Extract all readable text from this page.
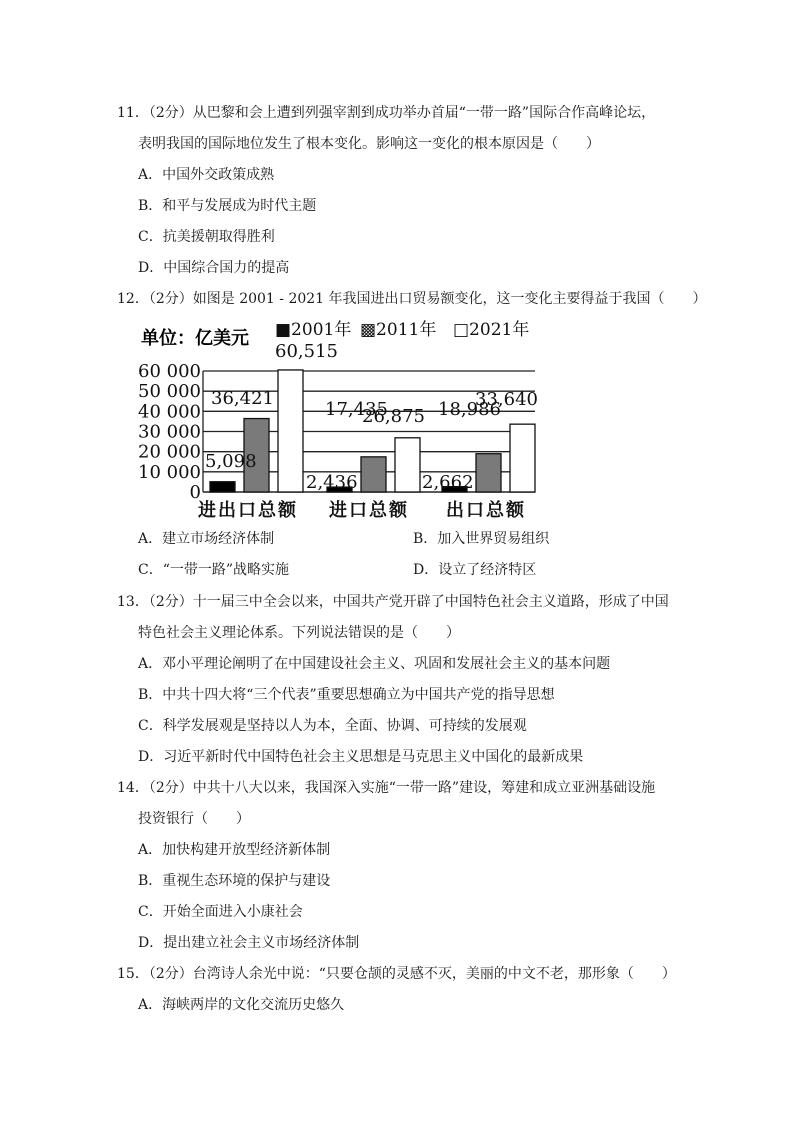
11．（2分）从巴黎和会上遭到列强宰割到成功举办首届“一带一路”国际合作高峰论坛，
表明我国的国际地位发生了根本变化。影响这一变化的根本原因是（　　）
A．中国外交政策成熟
B．和平与发展成为时代主题
C．抗美援朝取得胜利
D．中国综合国力的提高
12．（2分）如图是 2001 - 2021 年我国进出口贸易额变化，这一变化主要得益于我国（　　）
单位：亿美元 ■2001年 ▩2011年 □2021年
0
10 000
20 000
30 000
40 000
50 000
60 000
5,098
36,421
60,515
2,436
17,435
26,875
2,662
18,986
33,640
进出口总额 进口总额 出口总额
A．建立市场经济体制	B．加入世界贸易组织
C．“一带一路”战略实施	D．设立了经济特区
13．（2分）十一届三中全会以来，中国共产党开辟了中国特色社会主义道路，形成了中国
特色社会主义理论体系。下列说法错误的是（　　）
A．邓小平理论阐明了在中国建设社会主义、巩固和发展社会主义的基本问题
B．中共十四大将“三个代表”重要思想确立为中国共产党的指导思想
C．科学发展观是坚持以人为本，全面、协调、可持续的发展观
D．习近平新时代中国特色社会主义思想是马克思主义中国化的最新成果
14．（2分）中共十八大以来，我国深入实施“一带一路”建设，筹建和成立亚洲基础设施
投资银行（　　）
A．加快构建开放型经济新体制
B．重视生态环境的保护与建设
C．开始全面进入小康社会
D．提出建立社会主义市场经济体制
15．（2分）台湾诗人余光中说：“只要仓颉的灵感不灭，美丽的中文不老，那形象（　　）
A．海峡两岸的文化交流历史悠久
